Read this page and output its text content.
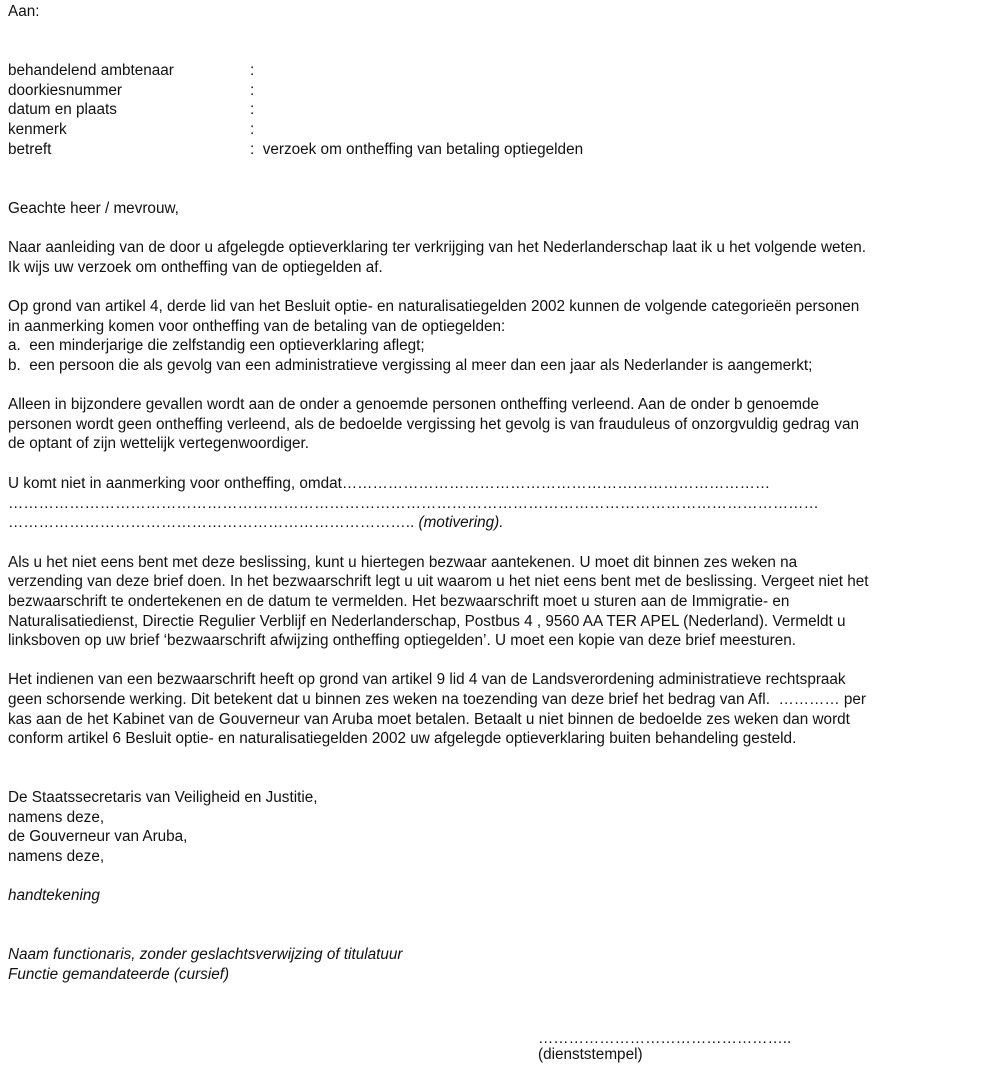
Aan:
behandelend ambtenaar	:
doorkiesnummer	:
datum en plaats	:
kenmerk	:
betreft	:  verzoek om ontheffing van betaling optiegelden
Geachte heer / mevrouw,
Naar aanleiding van de door u afgelegde optieverklaring ter verkrijging van het Nederlanderschap laat ik u het volgende weten.
Ik wijs uw verzoek om ontheffing van de optiegelden af.
Op grond van artikel 4, derde lid van het Besluit optie- en naturalisatiegelden 2002 kunnen de volgende categorieën personen
in aanmerking komen voor ontheffing van de betaling van de optiegelden:
a.  een minderjarige die zelfstandig een optieverklaring aflegt;
b.  een persoon die als gevolg van een administratieve vergissing al meer dan een jaar als Nederlander is aangemerkt;
Alleen in bijzondere gevallen wordt aan de onder a genoemde personen ontheffing verleend. Aan de onder b genoemde
personen wordt geen ontheffing verleend, als de bedoelde vergissing het gevolg is van frauduleus of onzorgvuldig gedrag van
de optant of zijn wettelijk vertegenwoordiger.
U komt niet in aanmerking voor ontheffing, omdat…………………………………………………………………………
……………………………………………………………………………………………………………………………………………
…………………………………………………………………….. (motivering).
Als u het niet eens bent met deze beslissing, kunt u hiertegen bezwaar aantekenen. U moet dit binnen zes weken na
verzending van deze brief doen. In het bezwaarschrift legt u uit waarom u het niet eens bent met de beslissing. Vergeet niet het
bezwaarschrift te ondertekenen en de datum te vermelden. Het bezwaarschrift moet u sturen aan de Immigratie- en
Naturalisatiedienst, Directie Regulier Verblijf en Nederlanderschap, Postbus 4 , 9560 AA TER APEL (Nederland). Vermeldt u
linksboven op uw brief ‘bezwaarschrift afwijzing ontheffing optiegelden’. U moet een kopie van deze brief meesturen.
Het indienen van een bezwaarschrift heeft op grond van artikel 9 lid 4 van de Landsverordening administratieve rechtspraak
geen schorsende werking. Dit betekent dat u binnen zes weken na toezending van deze brief het bedrag van Afl.  ………… per
kas aan de het Kabinet van de Gouverneur van Aruba moet betalen. Betaalt u niet binnen de bedoelde zes weken dan wordt
conform artikel 6 Besluit optie- en naturalisatiegelden 2002 uw afgelegde optieverklaring buiten behandeling gesteld.
De Staatssecretaris van Veiligheid en Justitie,
namens deze,
de Gouverneur van Aruba,
namens deze,
handtekening
Naam functionaris, zonder geslachtsverwijzing of titulatuur
Functie gemandateerde (cursief)
…………………………………………..
(dienststempel)
